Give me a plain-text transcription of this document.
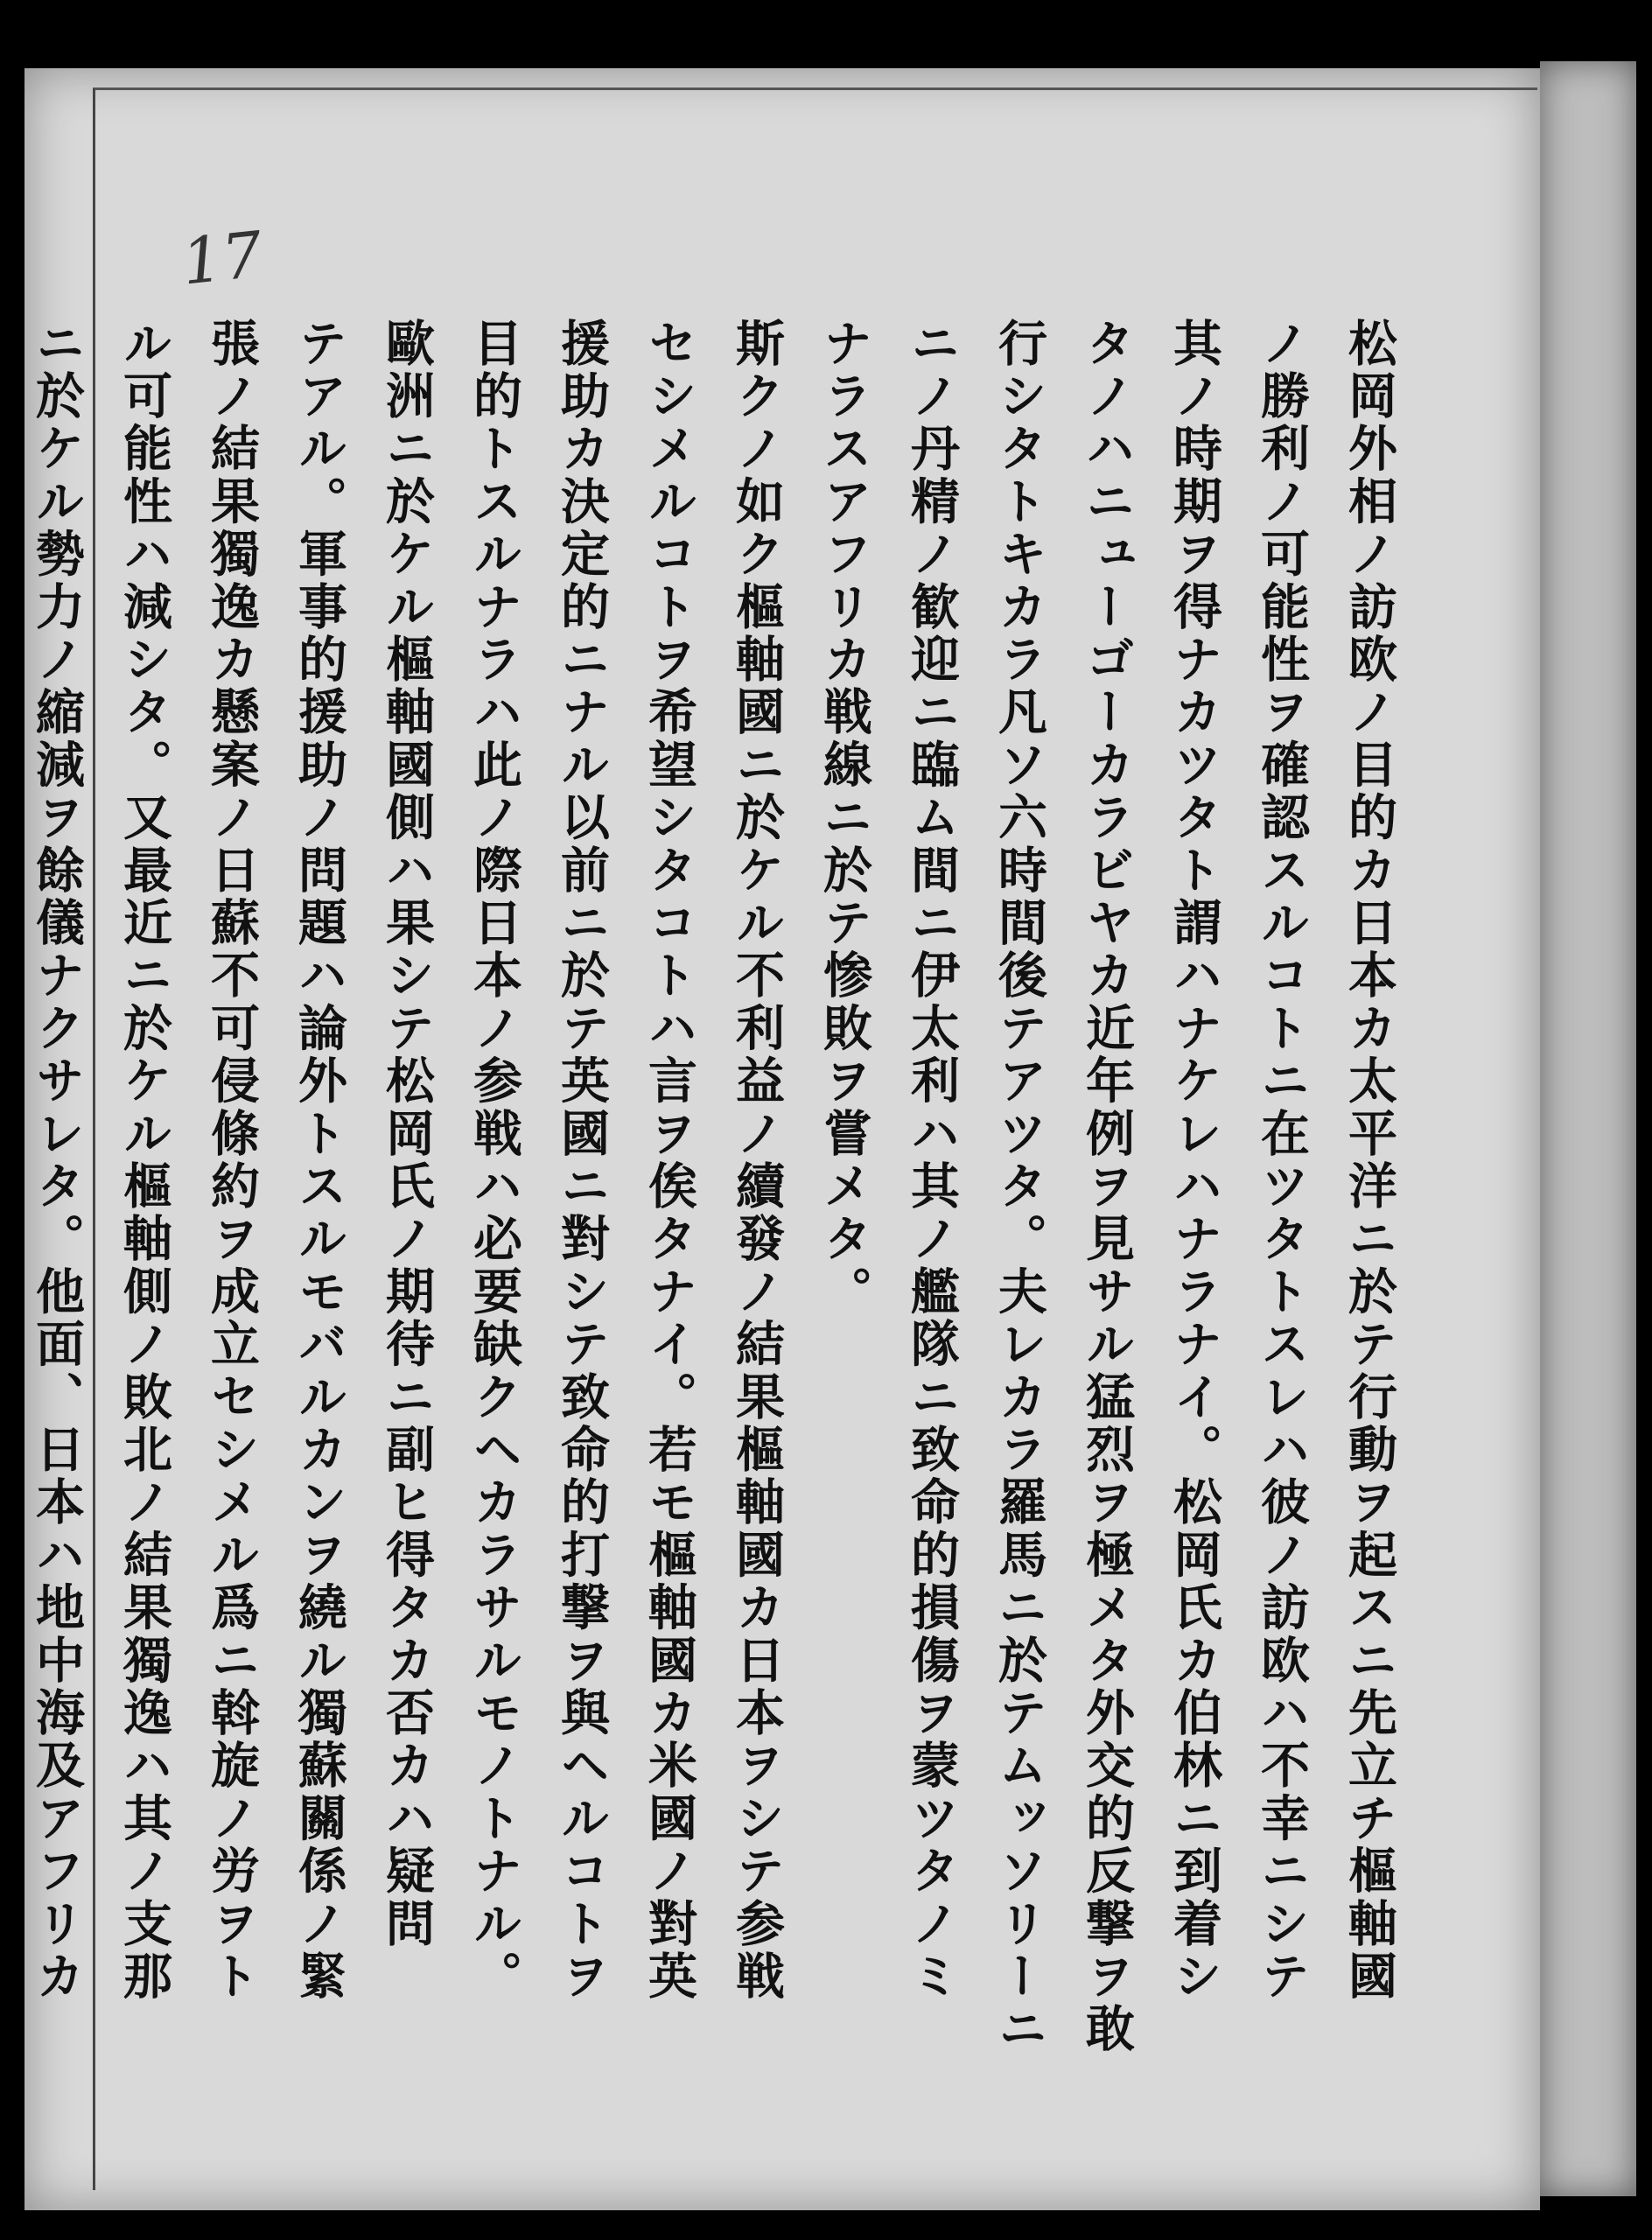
17
松岡外相ノ訪欧ノ目的カ日本カ太平洋ニ於テ行動ヲ起スニ先立チ樞軸國
ノ勝利ノ可能性ヲ確認スルコトニ在ツタトスレハ彼ノ訪欧ハ不幸ニシテ
其ノ時期ヲ得ナカツタト謂ハナケレハナラナイ。松岡氏カ伯林ニ到着シ
タノハニューゴーカラビヤカ近年例ヲ見サル猛烈ヲ極メタ外交的反撃ヲ敢
行シタトキカラ凡ソ六時間後テアツタ。夫レカラ羅馬ニ於テムッソリーニ
ニノ丹精ノ歓迎ニ臨ム間ニ伊太利ハ其ノ艦隊ニ致命的損傷ヲ蒙ツタノミ
ナラスアフリカ戦線ニ於テ惨敗ヲ嘗メタ。
斯クノ如ク樞軸國ニ於ケル不利益ノ續發ノ結果樞軸國カ日本ヲシテ参戦
セシメルコトヲ希望シタコトハ言ヲ俟タナイ。若モ樞軸國カ米國ノ對英
援助カ決定的ニナル以前ニ於テ英國ニ對シテ致命的打撃ヲ與ヘルコトヲ
目的トスルナラハ此ノ際日本ノ参戦ハ必要缺クヘカラサルモノトナル。
歐洲ニ於ケル樞軸國側ハ果シテ松岡氏ノ期待ニ副ヒ得タカ否カハ疑問
テアル。軍事的援助ノ問題ハ論外トスルモバルカンヲ繞ル獨蘇關係ノ緊
張ノ結果獨逸カ懸案ノ日蘇不可侵條約ヲ成立セシメル爲ニ斡旋ノ労ヲト
ル可能性ハ減シタ。又最近ニ於ケル樞軸側ノ敗北ノ結果獨逸ハ其ノ支那
ニ於ケル勢力ノ縮減ヲ餘儀ナクサレタ。他面、日本ハ地中海及アフリカ
